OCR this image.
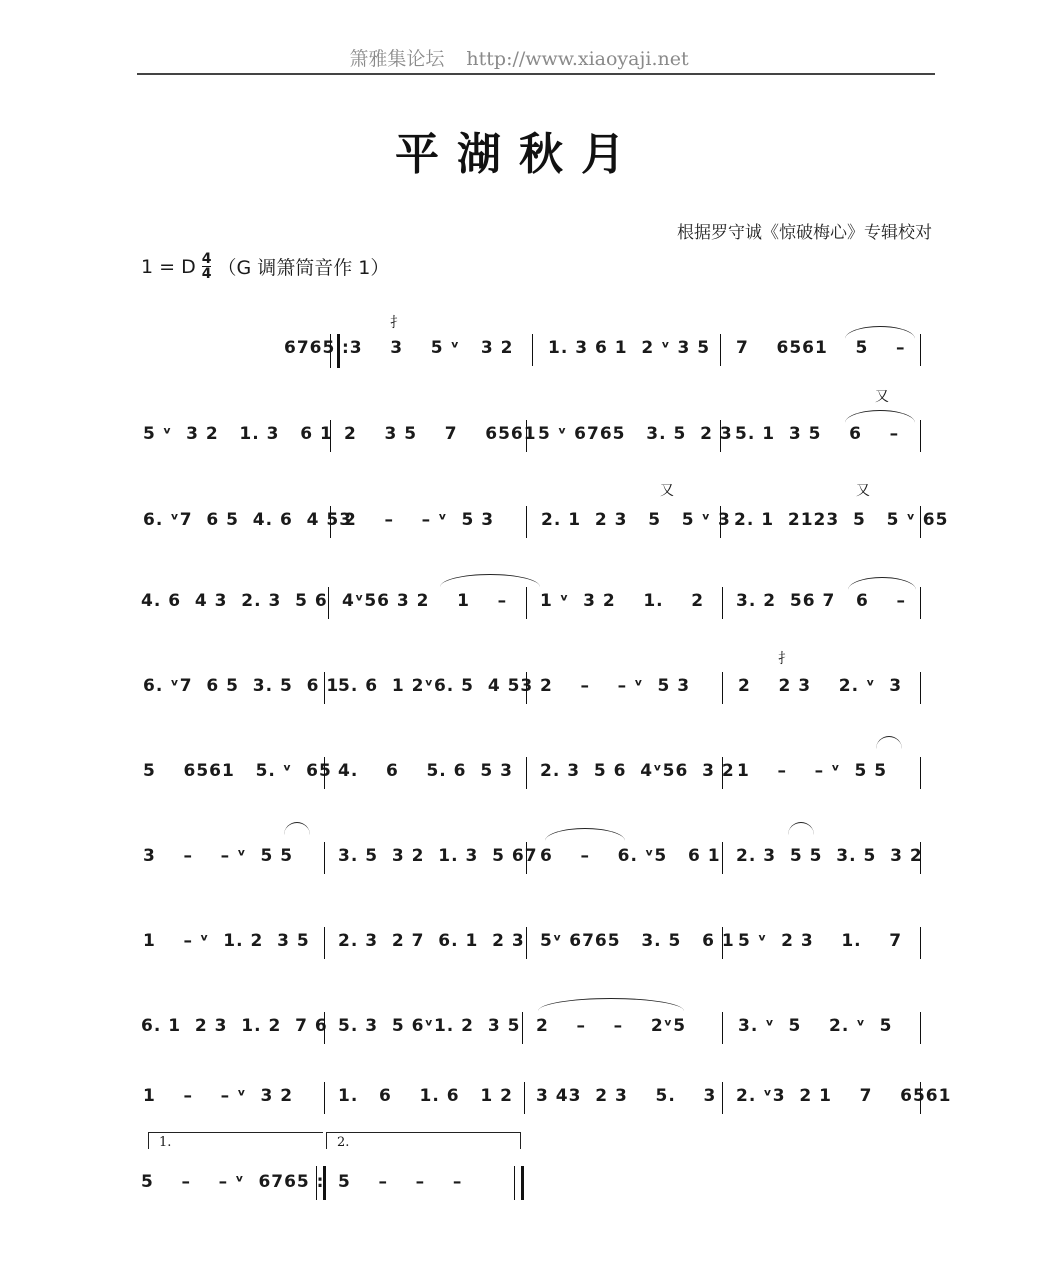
箫雅集论坛 http://www.xiaoyaji.net
平湖秋月
根据罗守诚《惊破梅心》专辑校对
1 = D $\frac{4}{4} (G$ 调箫筒音作 1）
6765 :3    3    5 ᵛ   3 2 1. 3 6 1  2 ᵛ 3 5 7    6561    5    –
扌
5 ᵛ  3 2   1. 3   6 1 2    3 5    7    6561 5 ᵛ 6765   3. 5  2 3 5. 1  3 5    6    –
又
6. ᵛ7  6 5  4. 6  4 53
2    –    – ᵛ  5 3	2. 1  2 3   5   5 ᵛ 3 2. 1  2123  5   5 ᵛ 65
又	又
4. 6  4 3  2. 3  5 6 4ᵛ56 3 2    1    – 1 ᵛ  3 2    1.    2 3. 2  56 7   6    –
6. ᵛ7  6 5  3. 5  6 1
5. 6  1 2ᵛ6. 5  4 53 2    –    – ᵛ  5 3	2    2 3    2. ᵛ  3
扌
5    6561   5. ᵛ  65 4.    6    5. 6  5 3 2. 3  5 6  4ᵛ56  3 2 1    –    – ᵛ  5 5
3    –    – ᵛ  5 5	3. 5  3 2  1. 3  5 67 6    –    6. ᵛ5   6 1 2. 3  5 5  3. 5  3 2
1    – ᵛ  1. 2  3 5 2. 3  2 7  6. 1  2 3 5ᵛ 6765   3. 5   6 1 5 ᵛ  2 3    1.    7
6. 1  2 3  1. 2  7 6 5. 3  5 6ᵛ1. 2  3 5 2    –    –    2ᵛ5	3. ᵛ  5    2. ᵛ  5
1    –    – ᵛ  3 2	1.   6    1. 6   1 2 3 43  2 3    5.    3 2. ᵛ3  2 1    7    6561
1.	2.
5    –    – ᵛ  6765 : 5    –    –    –
